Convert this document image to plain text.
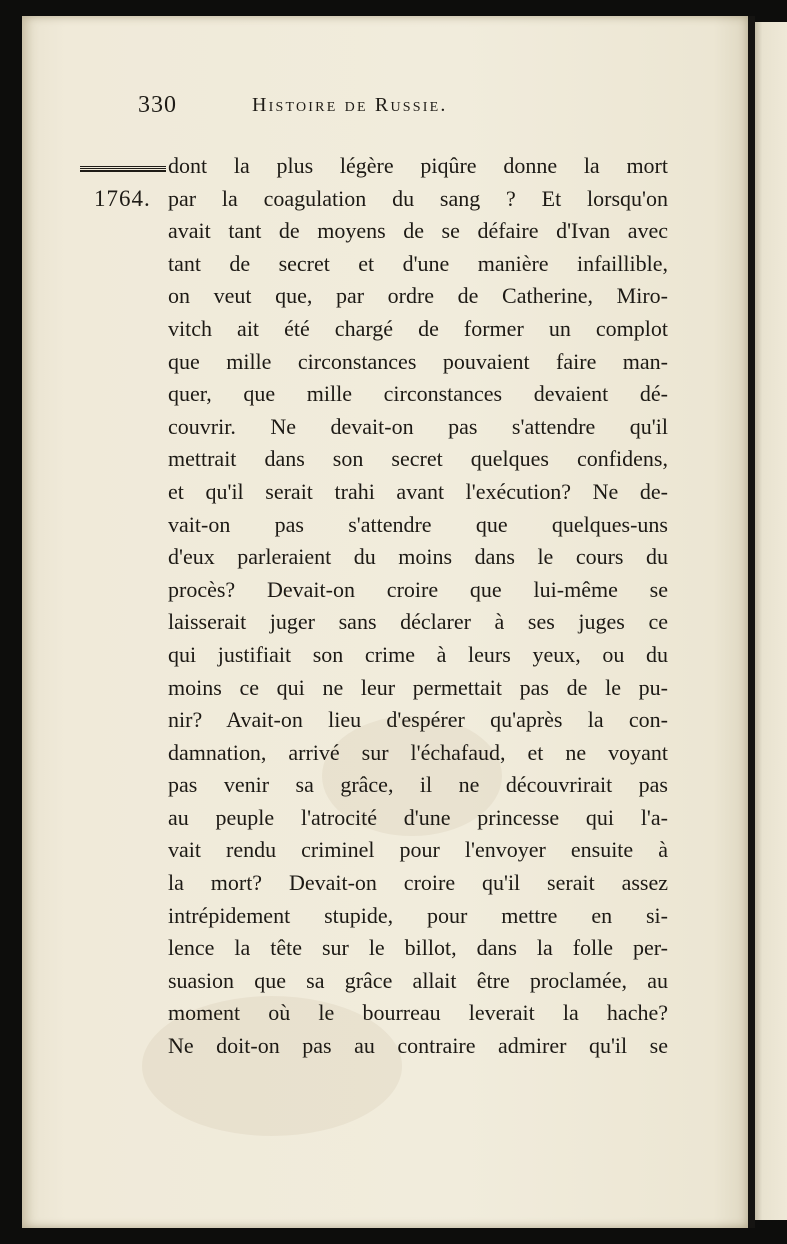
330	Histoire de Russie.
1764.
dont la plus légère piqûre donne la mort
par la coagulation du sang ? Et lorsqu'on
avait tant de moyens de se défaire d'Ivan avec
tant de secret et d'une manière infaillible,
on veut que, par ordre de Catherine, Miro-
vitch ait été chargé de former un complot
que mille circonstances pouvaient faire man-
quer, que mille circonstances devaient dé-
couvrir. Ne devait-on pas s'attendre qu'il
mettrait dans son secret quelques confidens,
et qu'il serait trahi avant l'exécution? Ne de-
vait-on pas s'attendre que quelques-uns
d'eux parleraient du moins dans le cours du
procès? Devait-on croire que lui-même se
laisserait juger sans déclarer à ses juges ce
qui justifiait son crime à leurs yeux, ou du
moins ce qui ne leur permettait pas de le pu-
nir? Avait-on lieu d'espérer qu'après la con-
damnation, arrivé sur l'échafaud, et ne voyant
pas venir sa grâce, il ne découvrirait pas
au peuple l'atrocité d'une princesse qui l'a-
vait rendu criminel pour l'envoyer ensuite à
la mort? Devait-on croire qu'il serait assez
intrépidement stupide, pour mettre en si-
lence la tête sur le billot, dans la folle per-
suasion que sa grâce allait être proclamée, au
moment où le bourreau leverait la hache?
Ne doit-on pas au contraire admirer qu'il se
